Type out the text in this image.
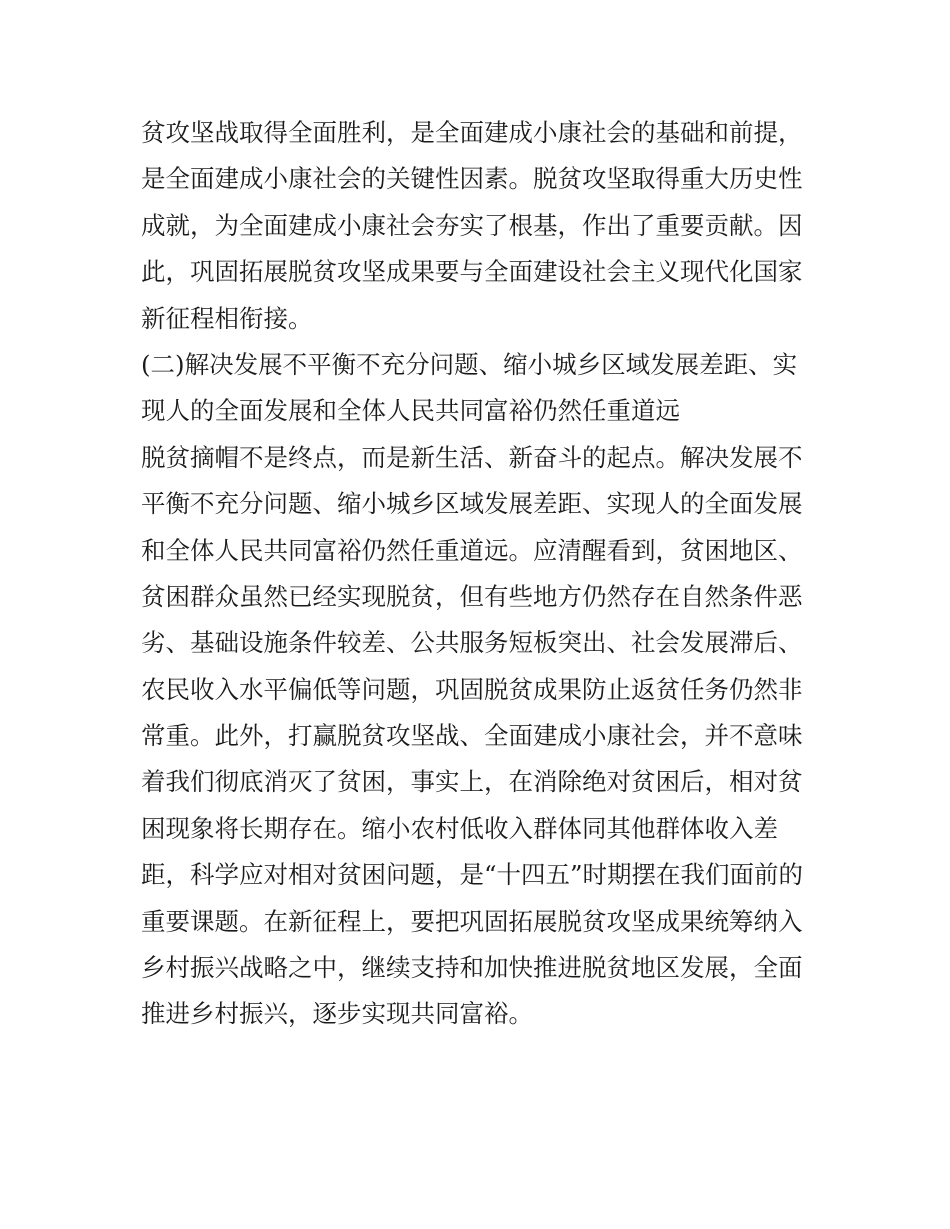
贫攻坚战取得全面胜利，是全面建成小康社会的基础和前提，
是全面建成小康社会的关键性因素。脱贫攻坚取得重大历史性
成就，为全面建成小康社会夯实了根基，作出了重要贡献。因
此，巩固拓展脱贫攻坚成果要与全面建设社会主义现代化国家
新征程相衔接。
(二)解决发展不平衡不充分问题、缩小城乡区域发展差距、实
现人的全面发展和全体人民共同富裕仍然任重道远
脱贫摘帽不是终点，而是新生活、新奋斗的起点。解决发展不
平衡不充分问题、缩小城乡区域发展差距、实现人的全面发展
和全体人民共同富裕仍然任重道远。应清醒看到，贫困地区、
贫困群众虽然已经实现脱贫，但有些地方仍然存在自然条件恶
劣、基础设施条件较差、公共服务短板突出、社会发展滞后、
农民收入水平偏低等问题，巩固脱贫成果防止返贫任务仍然非
常重。此外，打赢脱贫攻坚战、全面建成小康社会，并不意味
着我们彻底消灭了贫困，事实上，在消除绝对贫困后，相对贫
困现象将长期存在。缩小农村低收入群体同其他群体收入差
距，科学应对相对贫困问题，是“十四五”时期摆在我们面前的
重要课题。在新征程上，要把巩固拓展脱贫攻坚成果统筹纳入
乡村振兴战略之中，继续支持和加快推进脱贫地区发展，全面
推进乡村振兴，逐步实现共同富裕。
